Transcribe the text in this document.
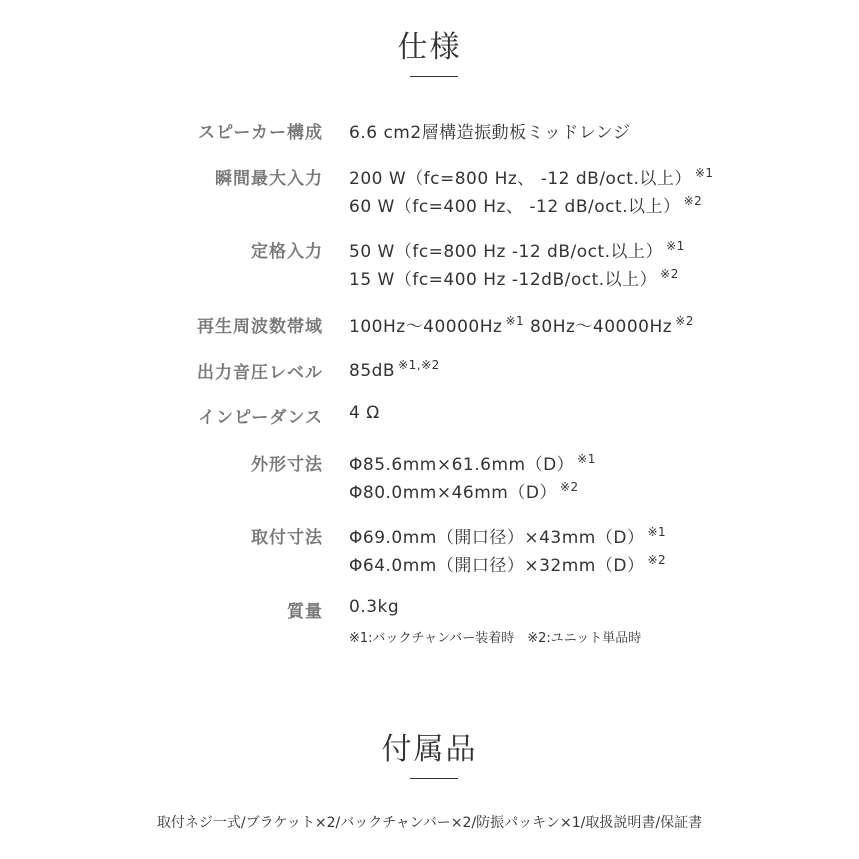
仕様
スピーカー構成 6.6 cm2層構造振動板ミッドレンジ
瞬間最大入力 200 W（fc=800 Hz、 -12 dB/oct.以上） $^{※1}$
60 W（fc=400 Hz、 -12 dB/oct.以上） $^{※2}$
定格入力 50 W（fc=800 Hz -12 dB/oct.以上） $^{※1}$
15 W（fc=400 Hz -12dB/oct.以上） $^{※2}$
再生周波数帯域 100Hz〜40000Hz $^{※1}$ 80Hz〜40000Hz $^{※2}$
出力音圧レベル 85dB $^{※1,※2}$
インピーダンス 4 Ω
外形寸法 Φ85.6mm×61.6mm（D） $^{※1}$
Φ80.0mm×46mm（D） $^{※2}$
取付寸法 Φ69.0mm（開口径）×43mm（D） $^{※1}$
Φ64.0mm（開口径）×32mm（D） $^{※2}$
質量 0.3kg
※1:バックチャンバー装着時　※2:ユニット単品時
付属品
取付ネジ一式/ブラケット×2/バックチャンバー×2/防振パッキン×1/取扱説明書/保証書
